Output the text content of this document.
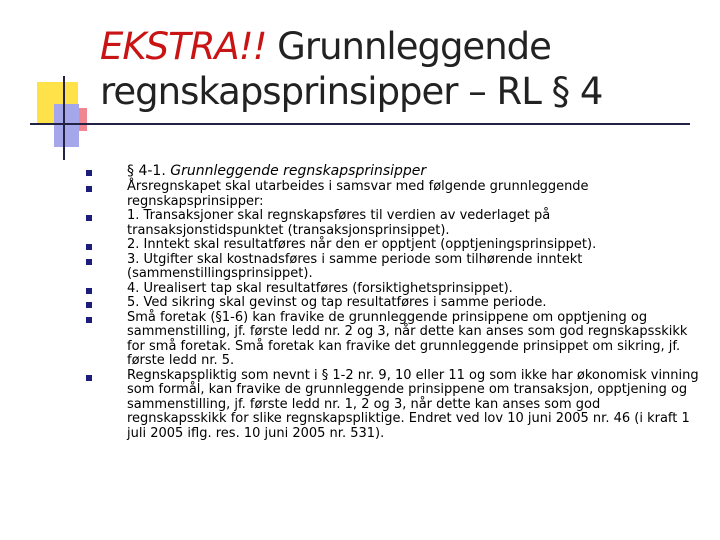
EKSTRA!! Grunnleggende regnskapsprinsipper – RL § 4
§ 4-1. Grunnleggende regnskapsprinsipper
Årsregnskapet skal utarbeides i samsvar med følgende grunnleggende regnskapsprinsipper:
1. Transaksjoner skal regnskapsføres til verdien av vederlaget på transaksjonstidspunktet (transaksjonsprinsippet).
2. Inntekt skal resultatføres når den er opptjent (opptjeningsprinsippet).
3. Utgifter skal kostnadsføres i samme periode som tilhørende inntekt (sammenstillingsprinsippet).
4. Urealisert tap skal resultatføres (forsiktighetsprinsippet).
5. Ved sikring skal gevinst og tap resultatføres i samme periode.
Små foretak (§1-6) kan fravike de grunnleggende prinsippene om opptjening og sammenstilling, jf. første ledd nr. 2 og 3, når dette kan anses som god regnskapsskikk for små foretak. Små foretak kan fravike det grunnleggende prinsippet om sikring, jf. første ledd nr. 5.
Regnskapspliktig som nevnt i § 1-2 nr. 9, 10 eller 11 og som ikke har økonomisk vinning som formål, kan fravike de grunnleggende prinsippene om transaksjon, opptjening og sammenstilling, jf. første ledd nr. 1, 2 og 3, når dette kan anses som god regnskapsskikk for slike regnskapspliktige. Endret ved lov 10 juni 2005 nr. 46 (i kraft 1 juli 2005 iflg. res. 10 juni 2005 nr. 531).
